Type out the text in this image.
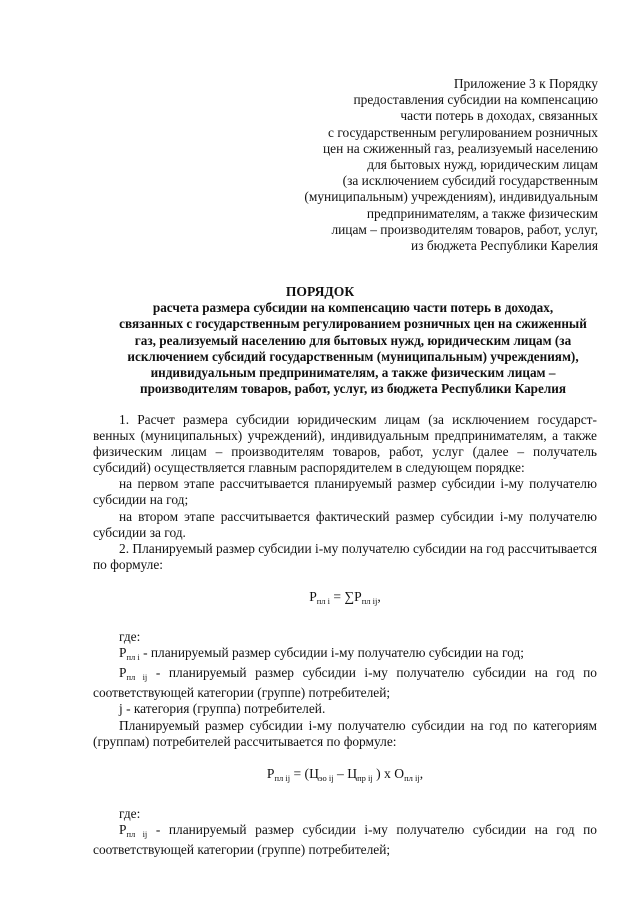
Приложение 3 к Порядку
предоставления субсидии на компенсацию
части потерь в доходах, связанных
с государственным регулированием розничных
цен на сжиженный газ, реализуемый населению
для бытовых нужд, юридическим лицам
(за исключением субсидий государственным
(муниципальным) учреждениям), индивидуальным
предпринимателям, а также физическим
лицам – производителям товаров, работ, услуг,
из бюджета Республики Карелия
ПОРЯДОК
расчета размера субсидии на компенсацию части потерь в доходах,
связанных с государственным регулированием розничных цен на сжиженный
газ, реализуемый населению для бытовых нужд, юридическим лицам (за
исключением субсидий государственным (муниципальным) учреждениям),
индивидуальным предпринимателям, а также физическим лицам –
производителям товаров, работ, услуг, из бюджета Республики Карелия
1. Расчет размера субсидии юридическим лицам (за исключением государст-венных (муниципальных) учреждений), индивидуальным предпринимателям, а также физическим лицам – производителям товаров, работ, услуг (далее – получатель субсидий) осуществляется главным распорядителем в следующем порядке:
на первом этапе рассчитывается планируемый размер субсидии i-му получателю субсидии на год;
на втором этапе рассчитывается фактический размер субсидии i-му получателю субсидии за год.
2. Планируемый размер субсидии i-му получателю субсидии на год рассчитывается по формуле:
$P_{пл i} = \sum P_{пл ij}$,
где:
$P_{пл i}$ - планируемый размер субсидии i-му получателю субсидии на год;
$P_{пл ij}$ - планируемый размер субсидии i-му получателю субсидии на год по соответствующей категории (группе) потребителей;
j - категория (группа) потребителей.
Планируемый размер субсидии i-му получателю субсидии на год по категориям (группам) потребителей рассчитывается по формуле:
$P_{пл ij} = (Ц_{эо ij} - Ц_{пр ij}$ ) x $O_{пл ij}$,
где:
$P_{пл ij}$ - планируемый размер субсидии i-му получателю субсидии на год по соответствующей категории (группе) потребителей;
